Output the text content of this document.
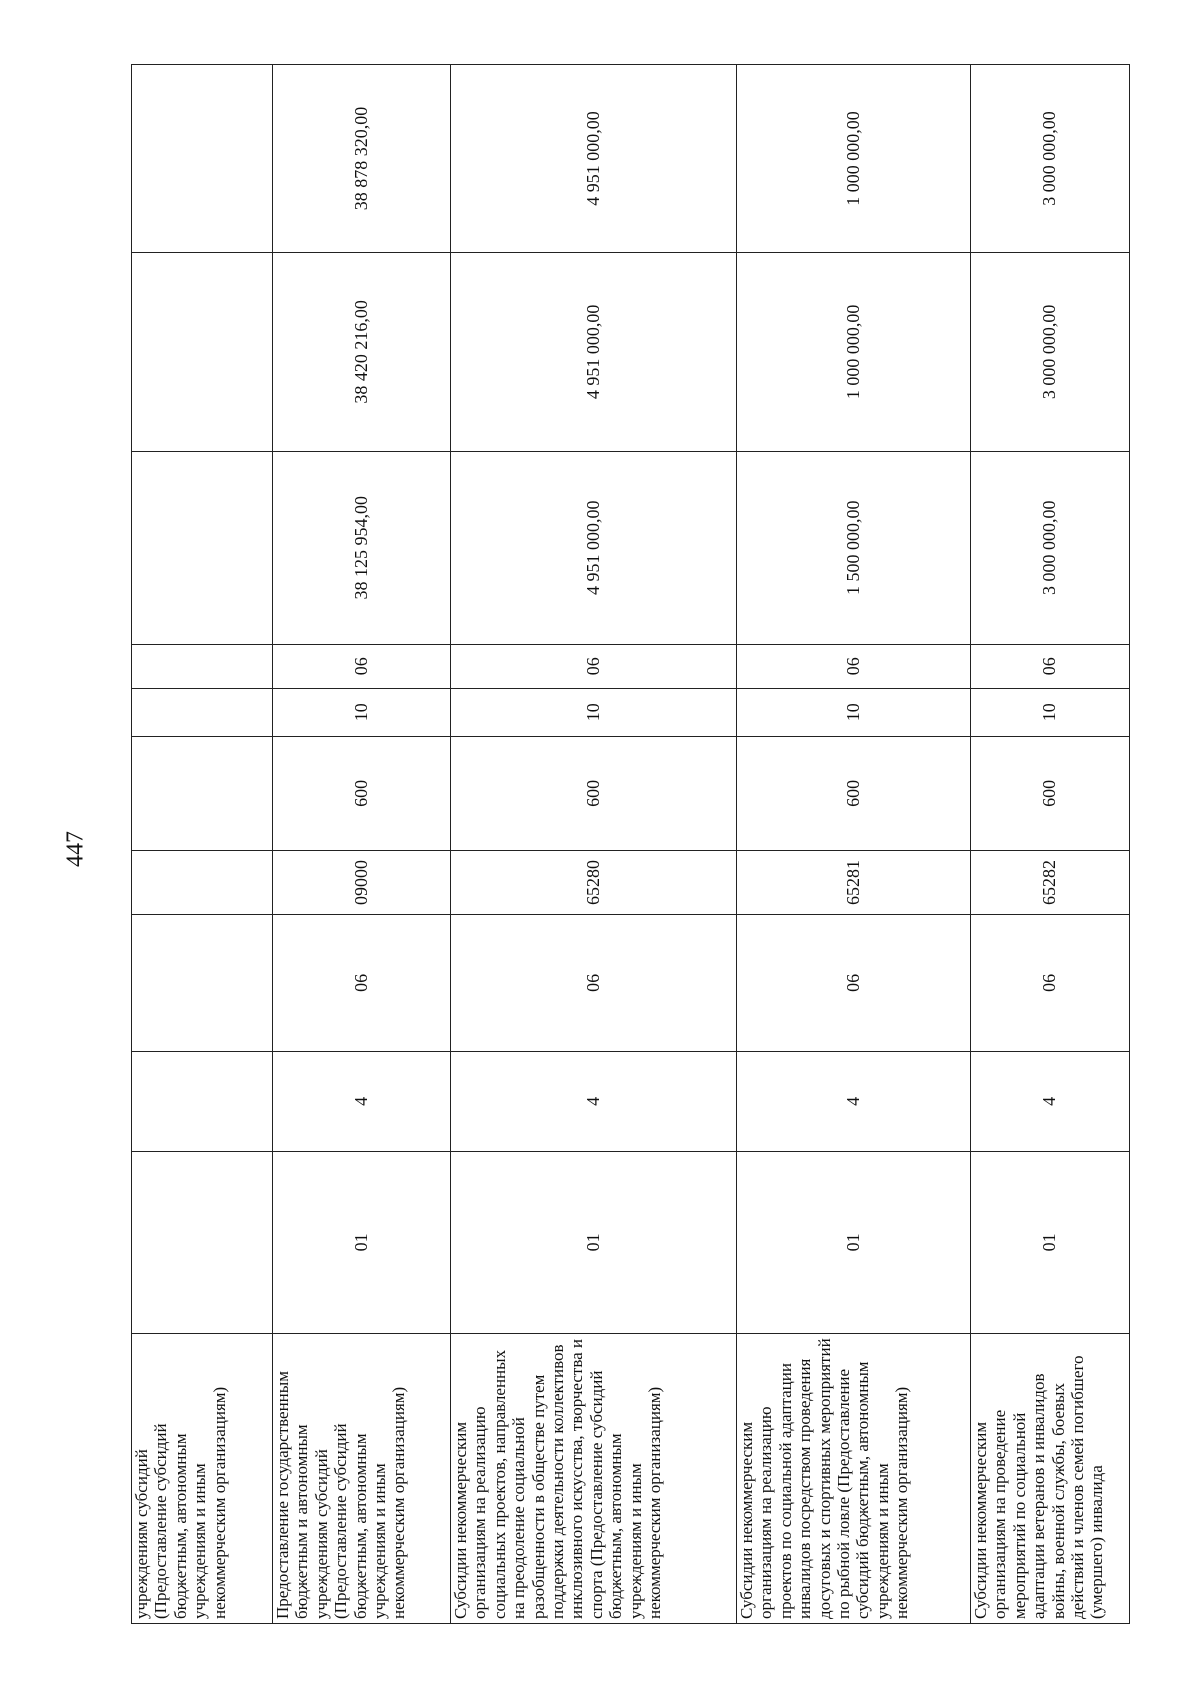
447
учреждениям субсидий (Предоставление субсидий бюджетным, автономным учреждениям и иным некоммерческим организациям)										
Предоставление государственным бюджетным и автономным учреждениям субсидий (Предоставление субсидий бюджетным, автономным учреждениям и иным некоммерческим организациям)	01	4	06	09000	600	10	06	38 125 954,00	38 420 216,00	38 878 320,00
Субсидии некоммерческим организациям на реализацию социальных проектов, направленных на преодоление социальной разобщенности в обществе путем поддержки деятельности коллективов инклюзивного искусства, творчества и спорта (Предоставление субсидий бюджетным, автономным учреждениям и иным некоммерческим организациям)	01	4	06	65280	600	10	06	4 951 000,00	4 951 000,00	4 951 000,00
Субсидии некоммерческим организациям на реализацию проектов по социальной адаптации инвалидов посредством проведения досуговых и спортивных мероприятий по рыбной ловле (Предоставление субсидий бюджетным, автономным учреждениям и иным некоммерческим организациям)	01	4	06	65281	600	10	06	1 500 000,00	1 000 000,00	1 000 000,00
Субсидии некоммерческим организациям на проведение мероприятий по социальной адаптации ветеранов и инвалидов войны, военной службы, боевых действий и членов семей погибшего (умершего) инвалида	01	4	06	65282	600	10	06	3 000 000,00	3 000 000,00	3 000 000,00
